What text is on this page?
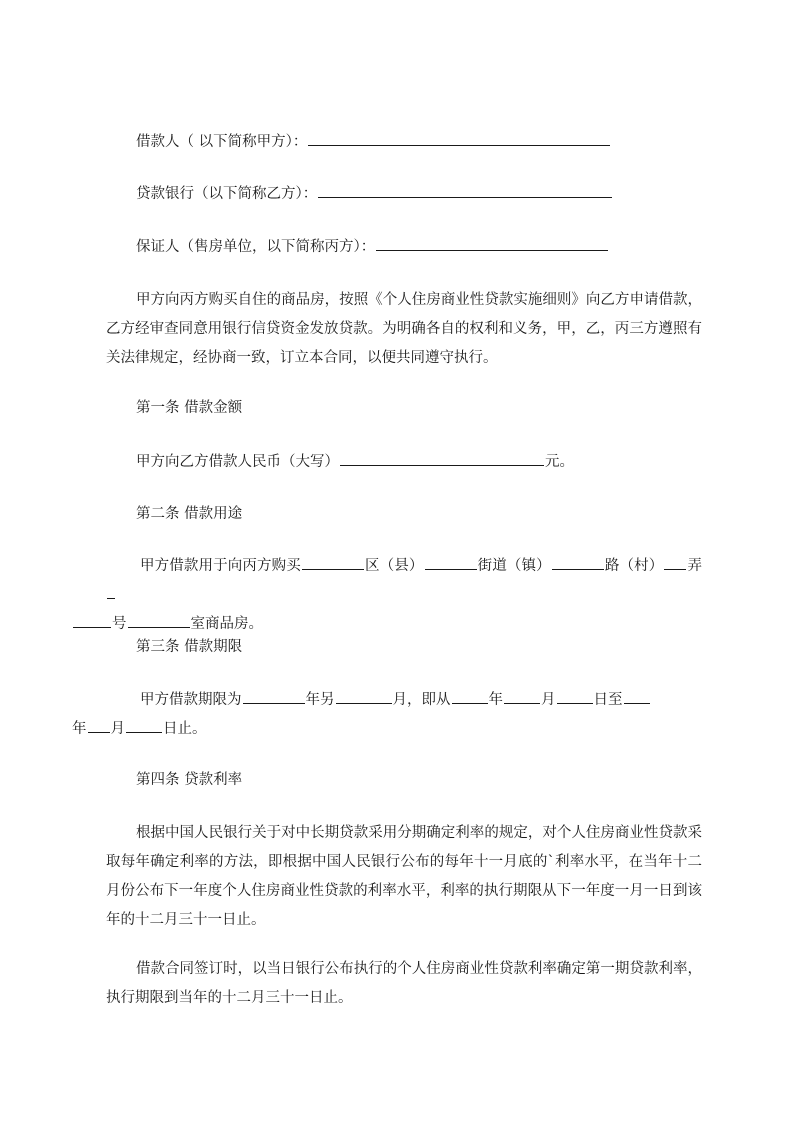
借款人（ 以下简称甲方）：
贷款银行（以下简称乙方）：
保证人（售房单位，以下简称丙方）：
甲方向丙方购买自住的商品房，按照《个人住房商业性贷款实施细则》向乙方申请借款，乙方经审查同意用银行信贷资金发放贷款。为明确各自的权利和义务，甲，乙，丙三方遵照有关法律规定，经协商一致，订立本合同，以便共同遵守执行。
第一条 借款金额
甲方向乙方借款人民币（大写）	元。
第二条 借款用途
甲方借款用于向丙方购买	区（县）	街道（镇）	路（村） 弄
号	室商品房。
第三条 借款期限
甲方借款期限为	年另	月，即从	年	月	日至
年 月	日止。
第四条 贷款利率
根据中国人民银行关于对中长期贷款采用分期确定利率的规定，对个人住房商业性贷款采取每年确定利率的方法，即根据中国人民银行公布的每年十一月底的`利率水平，在当年十二月份公布下一年度个人住房商业性贷款的利率水平，利率的执行期限从下一年度一月一日到该年的十二月三十一日止。
借款合同签订时，以当日银行公布执行的个人住房商业性贷款利率确定第一期贷款利率，执行期限到当年的十二月三十一日止。
